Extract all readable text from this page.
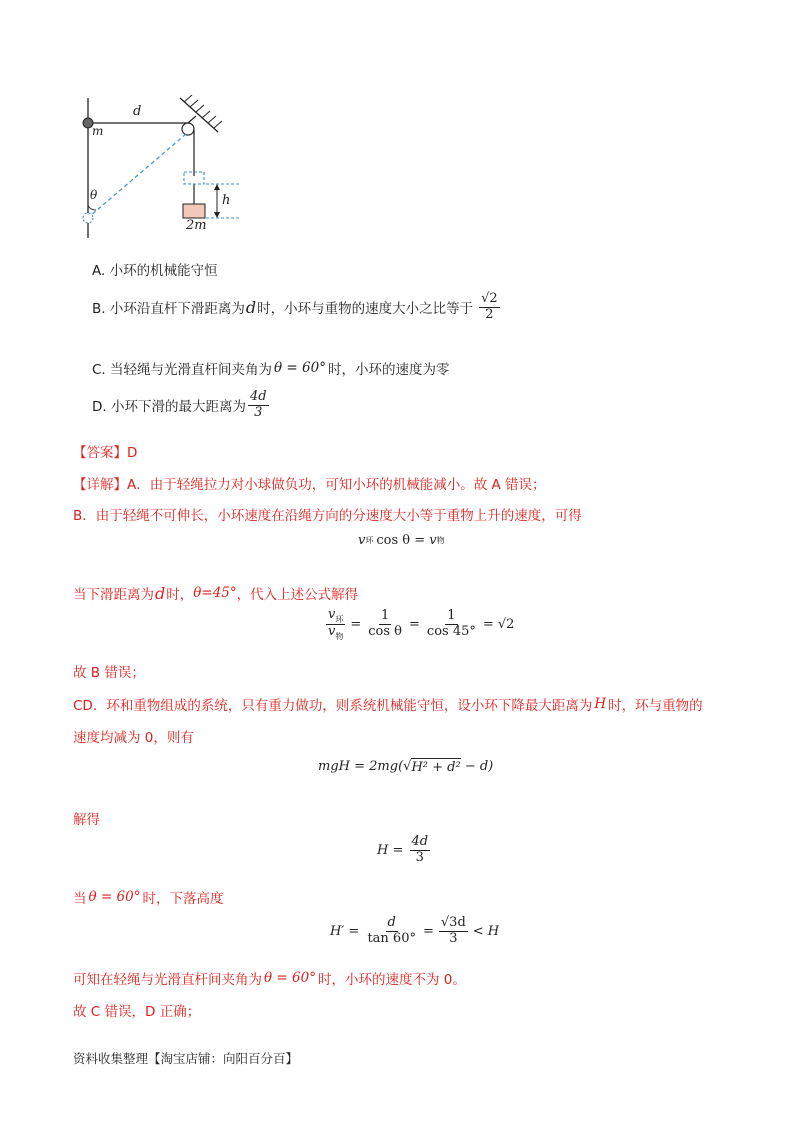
d
m
θ	h
2m
A. 小环的机械能守恒
B. 小环沿直杆下滑距离为 d 时，小环与重物的速度大小之比等于 $\frac{√2}{2}$
C. 当轻绳与光滑直杆间夹角为 θ = 60° 时，小环的速度为零
D. 小环下滑的最大距离为 $\frac{4d}{3}$
【答案】D
【详解】A．由于轻绳拉力对小球做负功，可知小环的机械能减小。故 A 错误；
B．由于轻绳不可伸长，小环速度在沿绳方向的分速度大小等于重物上升的速度，可得
v 环 cos θ = v 物
当下滑距离为 d 时， θ=45° ，代入上述公式解得
$\frac{v_环}{v_物} = \frac{1}{\text{cos θ}} = \frac{1}{\cos 45^\circ} = √2$
故 B 错误；
CD．环和重物组成的系统，只有重力做功，则系统机械能守恒，设小环下降最大距离为 H 时，环与重物的
速度均减为 0，则有
mgH = 2mg( √ H² + d² − d)
解得
$H = \frac{4d}{3}$
当 θ = 60° 时，下落高度
$H' = \frac{d}{\tan 60^\circ} = \frac{√3d}{3} < H$
可知在轻绳与光滑直杆间夹角为 θ = 60° 时，小环的速度不为 0。
故 C 错误，D 正确；
资料收集整理【淘宝店铺：向阳百分百】
